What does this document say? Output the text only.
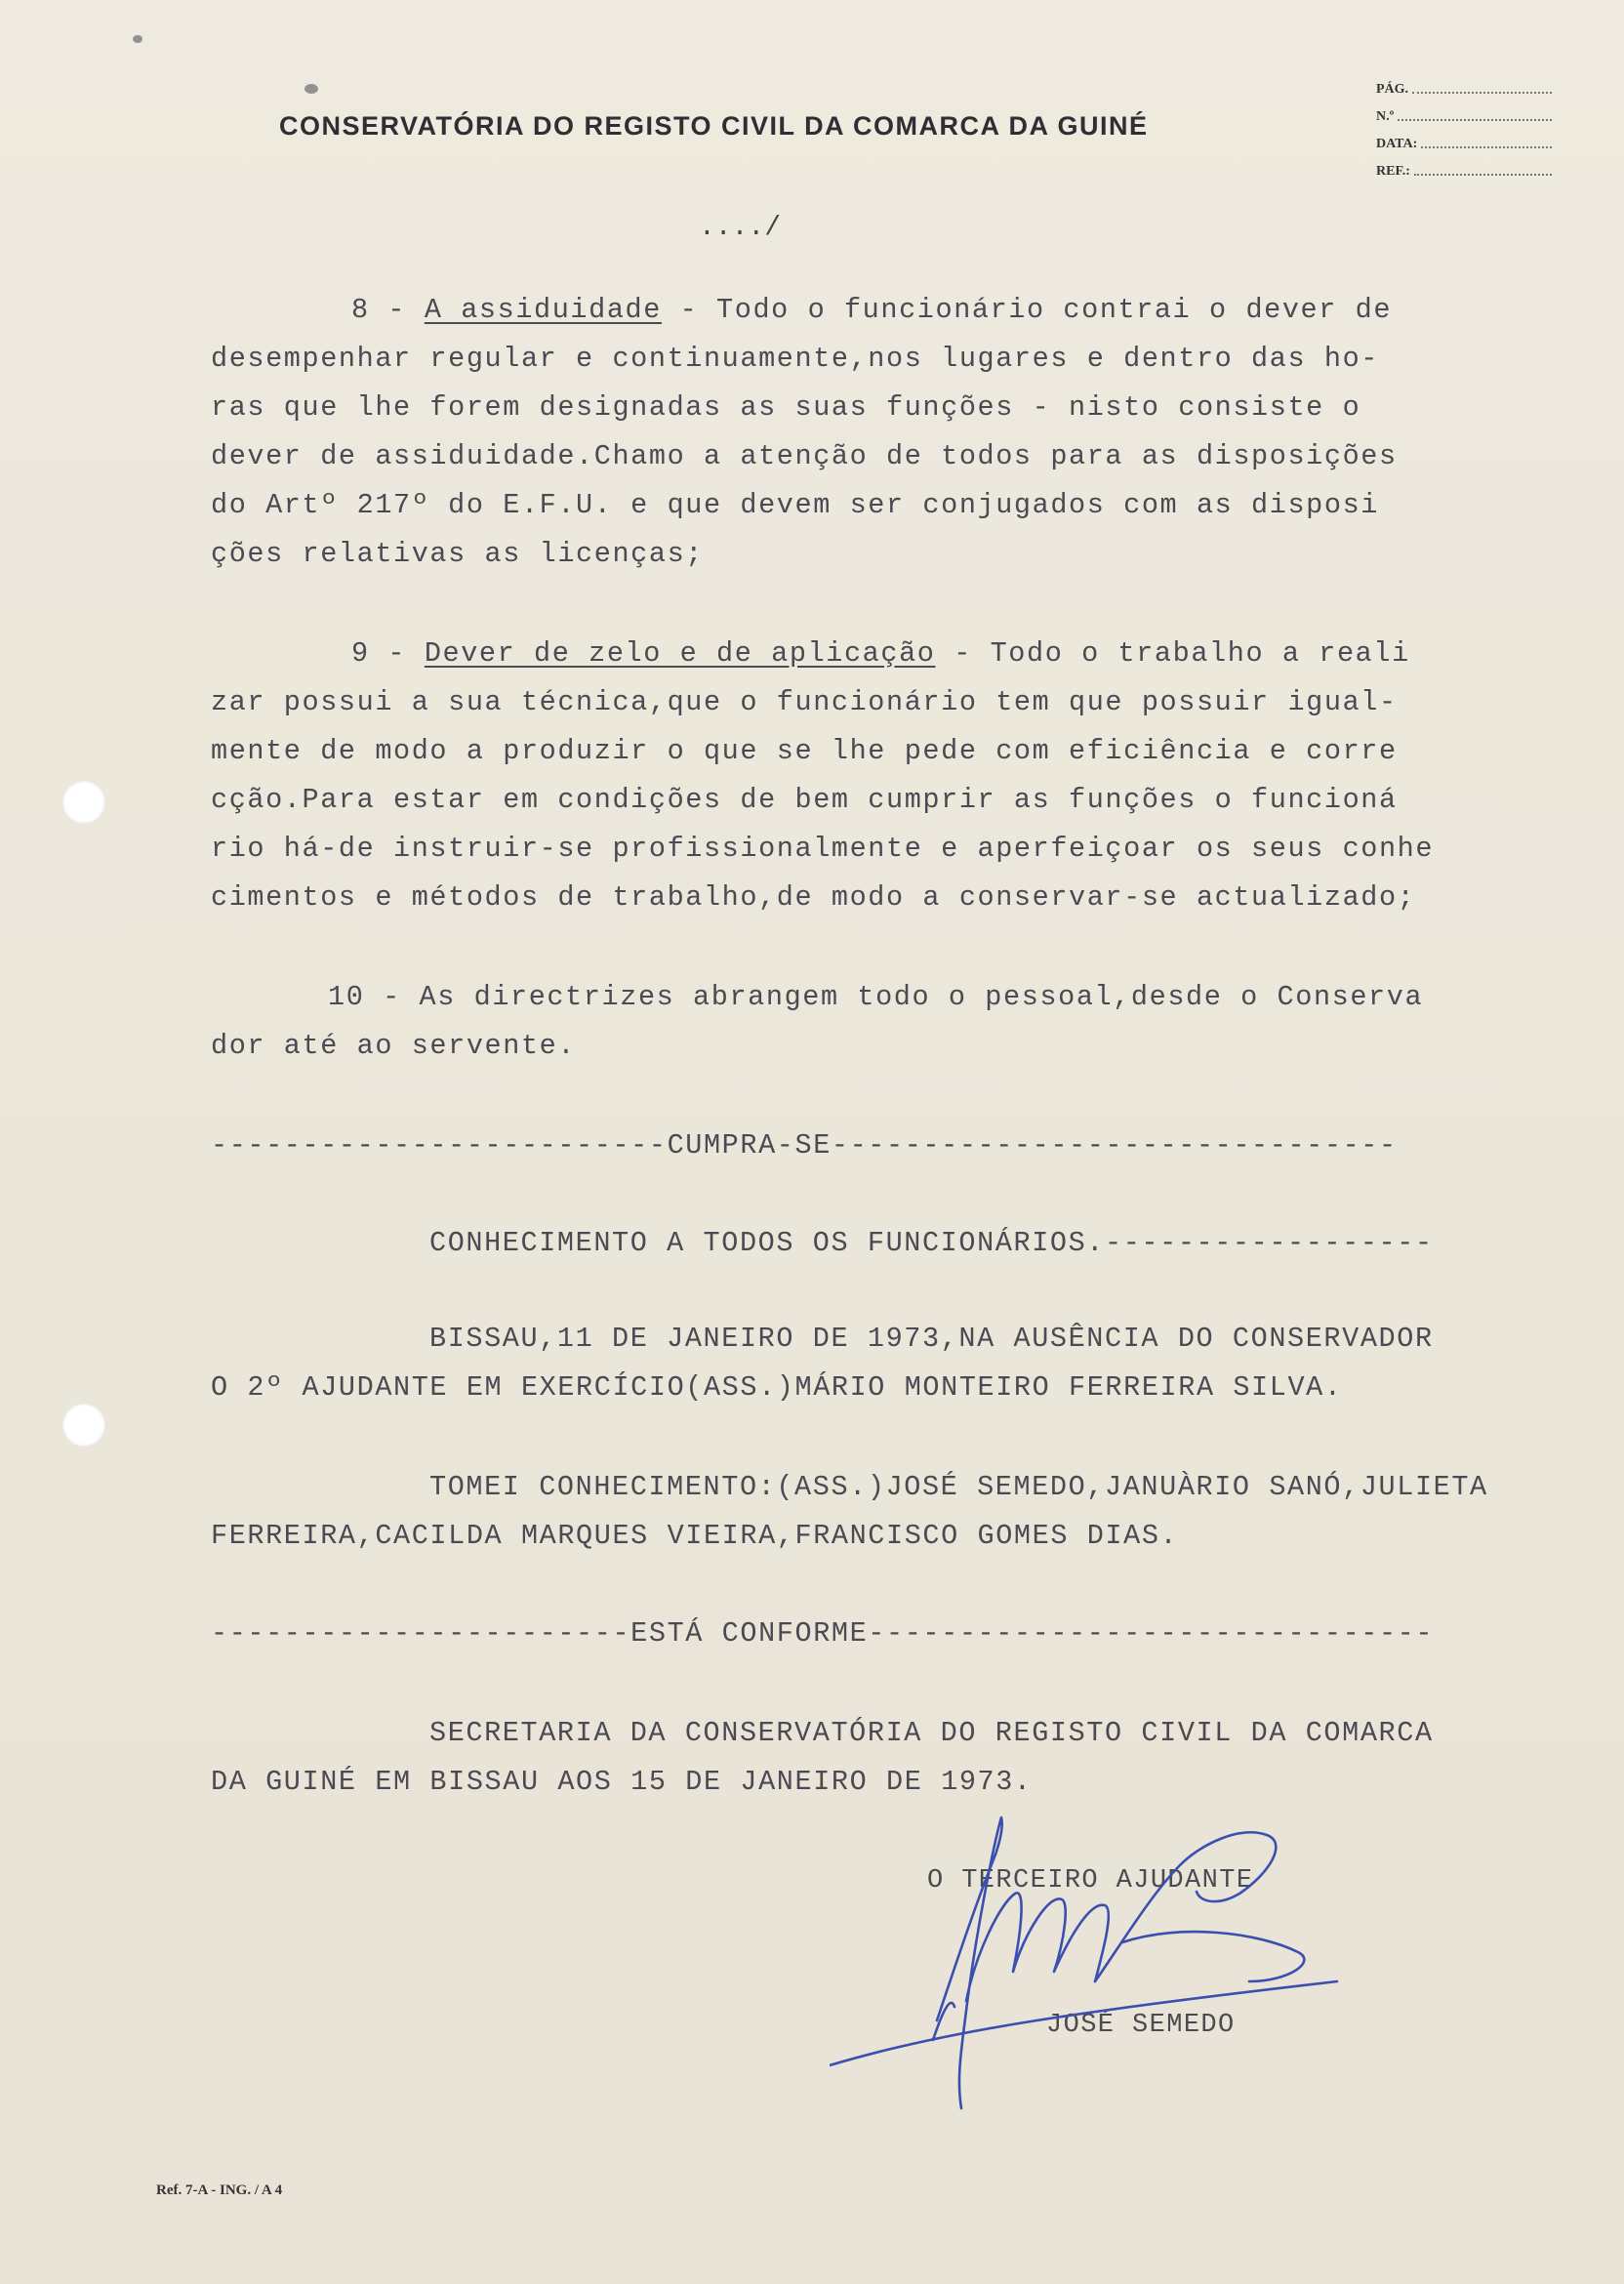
CONSERVATÓRIA DO REGISTO CIVIL DA COMARCA DA GUINÉ
PÁG.
N.º
DATA:
REF.:
..../
8 - A assiduidade - Todo o funcionário contrai o dever de
desempenhar regular e continuamente,nos lugares e dentro das ho-
ras que lhe forem designadas as suas funções - nisto consiste o
dever de assiduidade.Chamo a atenção de todos para as disposições
do Artº 217º do E.F.U. e que devem ser conjugados com as disposi
ções relativas as licenças;
9 - Dever de zelo e de aplicação - Todo o trabalho a reali
zar possui a sua técnica,que o funcionário tem que possuir igual-
mente de modo a produzir o que se lhe pede com eficiência e corre
cção.Para estar em condições de bem cumprir as funções o funcioná
rio há-de instruir-se profissionalmente e aperfeiçoar os seus conhe
cimentos e métodos de trabalho,de modo a conservar-se actualizado;
10 - As directrizes abrangem todo o pessoal,desde o Conserva
dor até ao servente.
-------------------------CUMPRA-SE-------------------------------
CONHECIMENTO A TODOS OS FUNCIONÁRIOS.------------------
BISSAU,11 DE JANEIRO DE 1973,NA AUSÊNCIA DO CONSERVADOR
O 2º AJUDANTE EM EXERCÍCIO(ASS.)MÁRIO MONTEIRO FERREIRA SILVA.
TOMEI CONHECIMENTO:(ASS.)JOSÉ SEMEDO,JANUÀRIO SANÓ,JULIETA
FERREIRA,CACILDA MARQUES VIEIRA,FRANCISCO GOMES DIAS.
-----------------------ESTÁ CONFORME-------------------------------
SECRETARIA DA CONSERVATÓRIA DO REGISTO CIVIL DA COMARCA
DA GUINÉ EM BISSAU AOS 15 DE JANEIRO DE 1973.
O TERCEIRO AJUDANTE
JOSÉ SEMEDO
Ref. 7-A - ING. / A 4
